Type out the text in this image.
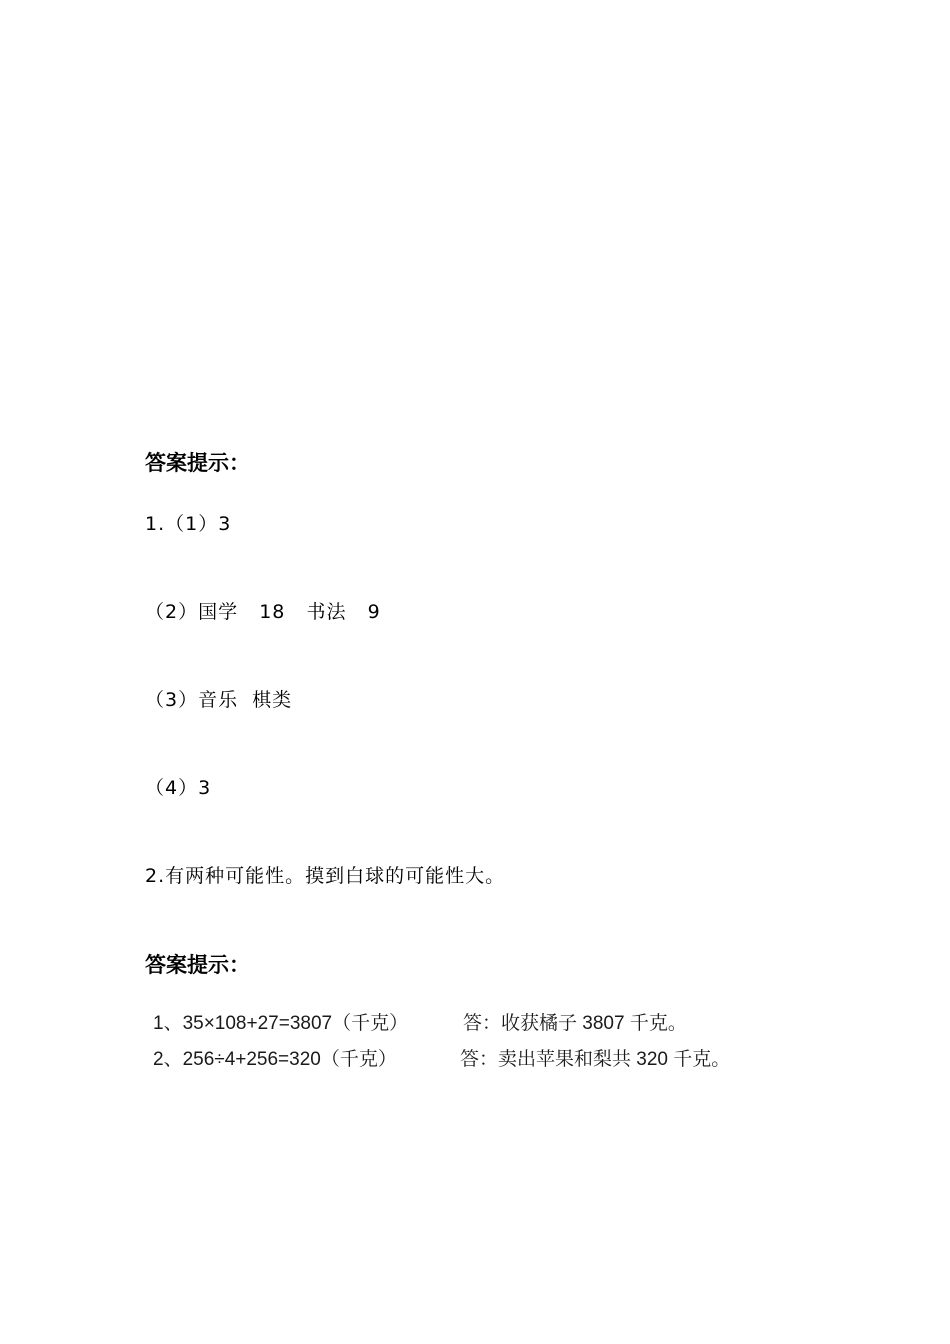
答案提示：
1.（1）3
（2）国学   18   书法   9
（3）音乐  棋类
（4）3
2.有两种可能性。摸到白球的可能性大。
答案提示：
1、35×108+27=3807（千克）	答：收获橘子 3807 千克。
2、256÷4+256=320（千克）	答：卖出苹果和梨共 320 千克。
